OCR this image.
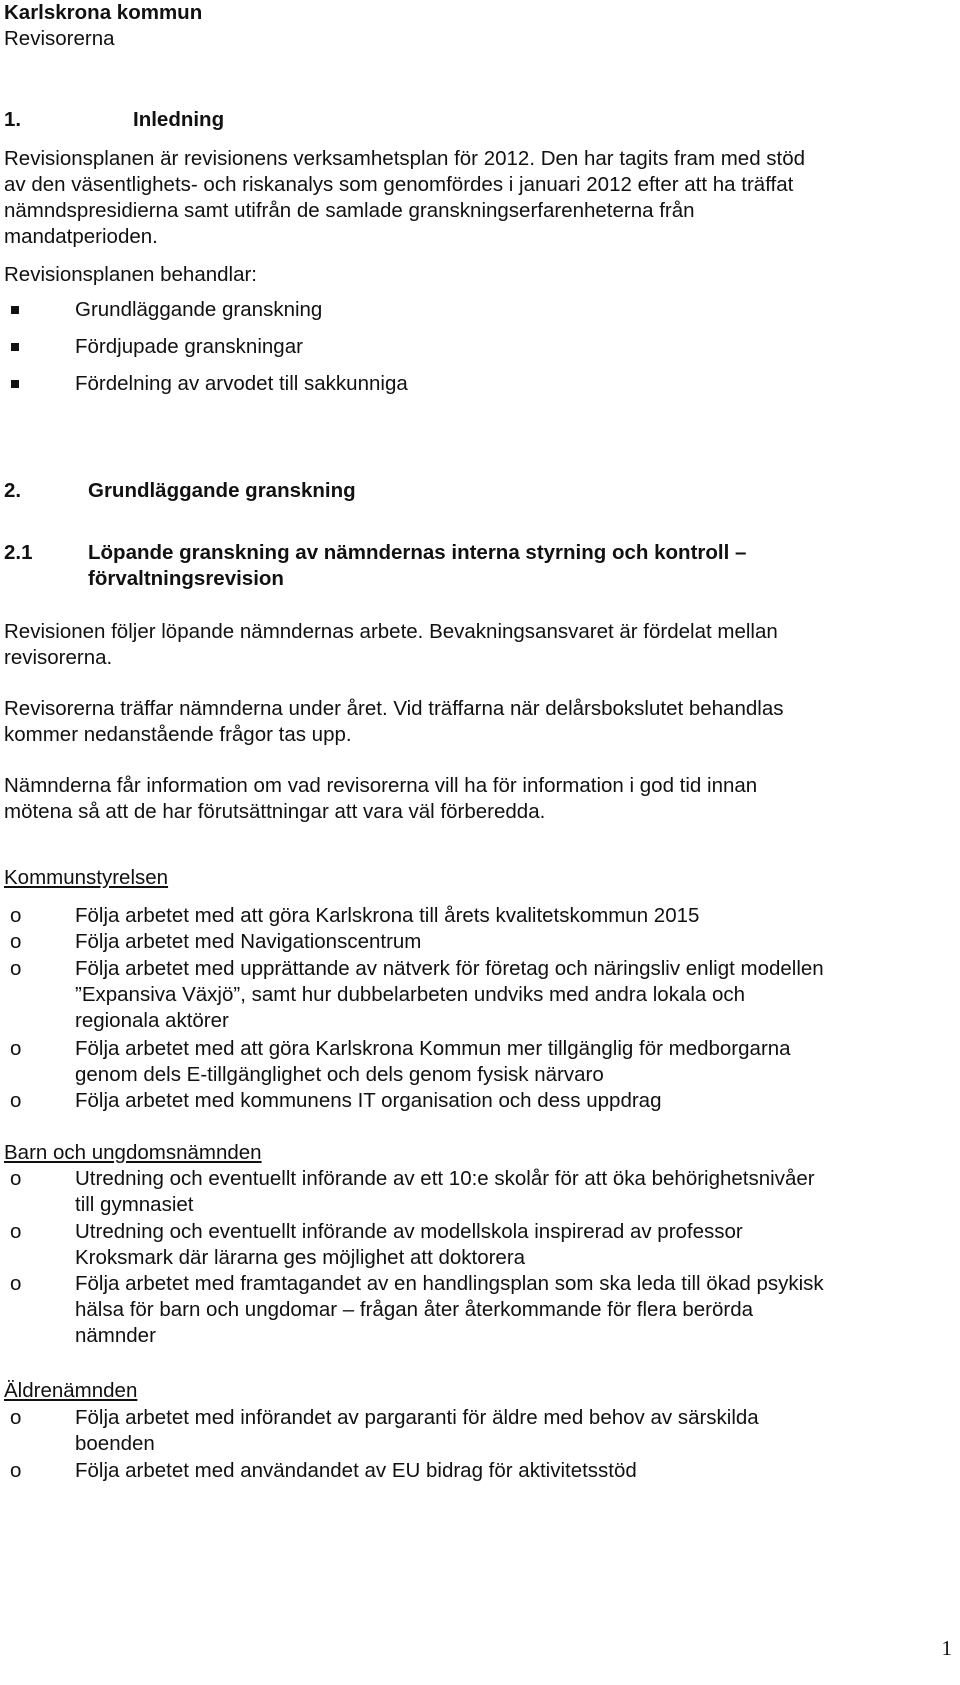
Karlskrona kommun
Revisorerna
1.	Inledning
Revisionsplanen är revisionens verksamhetsplan för 2012. Den har tagits fram med stöd
av den väsentlighets- och riskanalys som genomfördes i januari 2012 efter att ha träffat
nämndspresidierna samt utifrån de samlade granskningserfarenheterna från
mandatperioden.
Revisionsplanen behandlar:
Grundläggande granskning
Fördjupade granskningar
Fördelning av arvodet till sakkunniga
2.	Grundläggande granskning
2.1	Löpande granskning av nämndernas interna styrning och kontroll –
förvaltningsrevision
Revisionen följer löpande nämndernas arbete. Bevakningsansvaret är fördelat mellan
revisorerna.
Revisorerna träffar nämnderna under året. Vid träffarna när delårsbokslutet behandlas
kommer nedanstående frågor tas upp.
Nämnderna får information om vad revisorerna vill ha för information i god tid innan
mötena så att de har förutsättningar att vara väl förberedda.
Kommunstyrelsen
o	Följa arbetet med att göra Karlskrona till årets kvalitetskommun 2015
o	Följa arbetet med Navigationscentrum
o	Följa arbetet med upprättande av nätverk för företag och näringsliv enligt modellen
”Expansiva Växjö”, samt hur dubbelarbeten undviks med andra lokala och
regionala aktörer
o	Följa arbetet med att göra Karlskrona Kommun mer tillgänglig för medborgarna
genom dels E-tillgänglighet och dels genom fysisk närvaro
o	Följa arbetet med kommunens IT organisation och dess uppdrag
Barn och ungdomsnämnden
o	Utredning och eventuellt införande av ett 10:e skolår för att öka behörighetsnivåer
till gymnasiet
o	Utredning och eventuellt införande av modellskola inspirerad av professor
Kroksmark där lärarna ges möjlighet att doktorera
o	Följa arbetet med framtagandet av en handlingsplan som ska leda till ökad psykisk
hälsa för barn och ungdomar – frågan åter återkommande för flera berörda
nämnder
Äldrenämnden
o	Följa arbetet med införandet av pargaranti för äldre med behov av särskilda
boenden
o	Följa arbetet med användandet av EU bidrag för aktivitetsstöd
1
